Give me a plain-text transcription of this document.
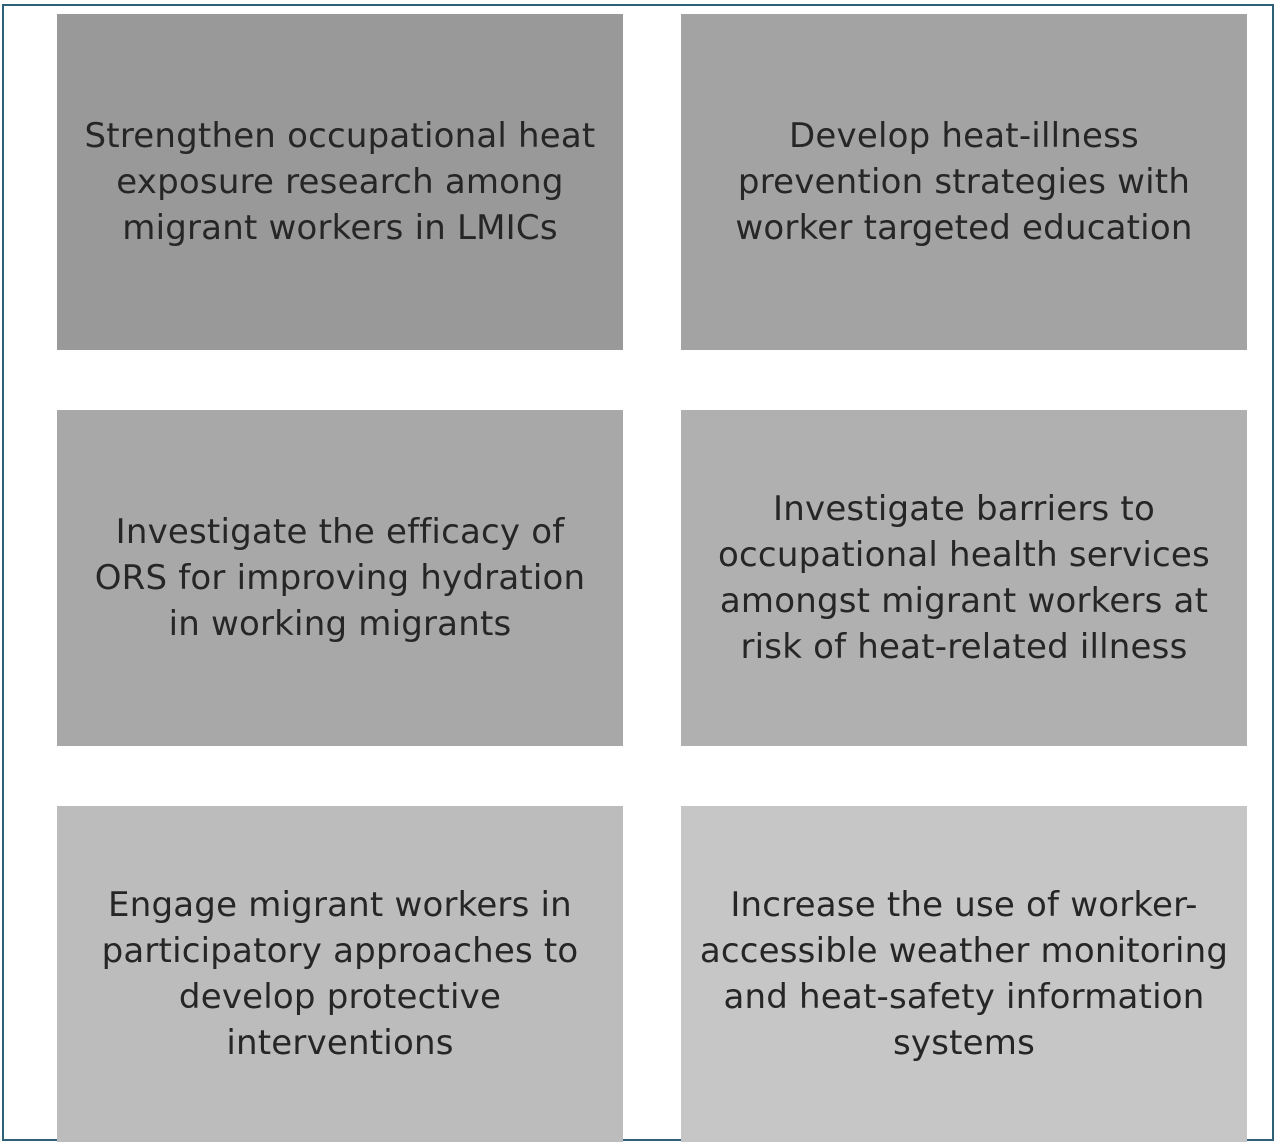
Strengthen occupational heat exposure research among migrant workers in LMICs
Develop heat-illness prevention strategies with worker targeted education
Investigate the efficacy of ORS for improving hydration in working migrants
Investigate barriers to occupational health services amongst migrant workers at risk of heat-related illness
Engage migrant workers in participatory approaches to develop protective interventions
Increase the use of worker-accessible weather monitoring and heat-safety information systems
